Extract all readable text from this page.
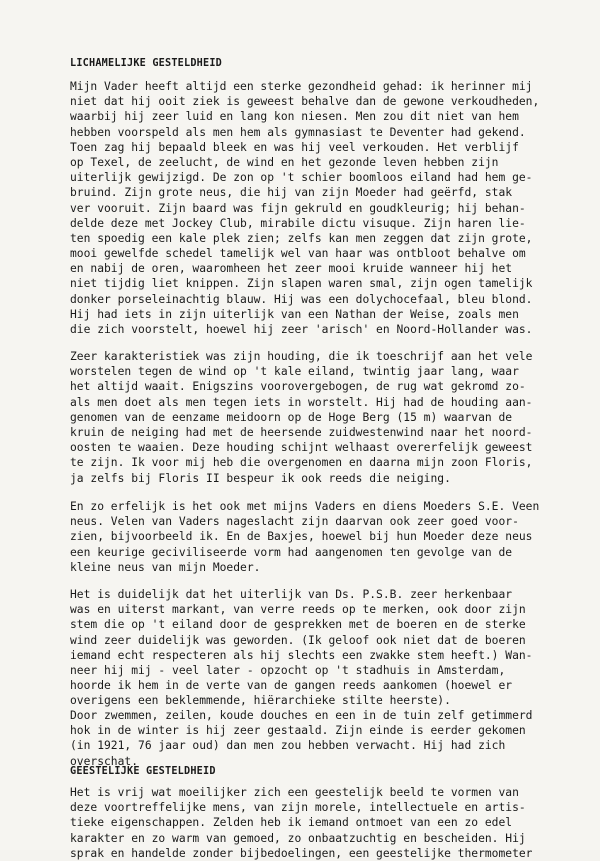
LICHAMELIJKE GESTELDHEID
Mijn Vader heeft altijd een sterke gezondheid gehad: ik herinner mij
niet dat hij ooit ziek is geweest behalve dan de gewone verkoudheden,
waarbij hij zeer luid en lang kon niesen. Men zou dit niet van hem
hebben voorspeld als men hem als gymnasiast te Deventer had gekend.
Toen zag hij bepaald bleek en was hij veel verkouden. Het verblijf
op Texel, de zeelucht, de wind en het gezonde leven hebben zijn
uiterlijk gewijzigd. De zon op 't schier boomloos eiland had hem ge-
bruind. Zijn grote neus, die hij van zijn Moeder had geërfd, stak
ver vooruit. Zijn baard was fijn gekruld en goudkleurig; hij behan-
delde deze met Jockey Club, mirabile dictu visuque. Zijn haren lie-
ten spoedig een kale plek zien; zelfs kan men zeggen dat zijn grote,
mooi gewelfde schedel tamelijk wel van haar was ontbloot behalve om
en nabij de oren, waaromheen het zeer mooi kruide wanneer hij het
niet tijdig liet knippen. Zijn slapen waren smal, zijn ogen tamelijk
donker porseleinachtig blauw. Hij was een dolychocefaal, bleu blond.
Hij had iets in zijn uiterlijk van een Nathan der Weise, zoals men
die zich voorstelt, hoewel hij zeer 'arisch' en Noord-Hollander was.
Zeer karakteristiek was zijn houding, die ik toeschrijf aan het vele
worstelen tegen de wind op 't kale eiland, twintig jaar lang, waar
het altijd waait. Enigszins voorovergebogen, de rug wat gekromd zo-
als men doet als men tegen iets in worstelt. Hij had de houding aan-
genomen van de eenzame meidoorn op de Hoge Berg (15 m) waarvan de
kruin de neiging had met de heersende zuidwestenwind naar het noord-
oosten te waaien. Deze houding schijnt welhaast overerfelijk geweest
te zijn. Ik voor mij heb die overgenomen en daarna mijn zoon Floris,
ja zelfs bij Floris II bespeur ik ook reeds die neiging.
En zo erfelijk is het ook met mijns Vaders en diens Moeders S.E. Veen
neus. Velen van Vaders nageslacht zijn daarvan ook zeer goed voor-
zien, bijvoorbeeld ik. En de Baxjes, hoewel bij hun Moeder deze neus
een keurige geciviliseerde vorm had aangenomen ten gevolge van de
kleine neus van mijn Moeder.
Het is duidelijk dat het uiterlijk van Ds. P.S.B. zeer herkenbaar
was en uiterst markant, van verre reeds op te merken, ook door zijn
stem die op 't eiland door de gesprekken met de boeren en de sterke
wind zeer duidelijk was geworden. (Ik geloof ook niet dat de boeren
iemand echt respecteren als hij slechts een zwakke stem heeft.) Wan-
neer hij mij - veel later - opzocht op 't stadhuis in Amsterdam,
hoorde ik hem in de verte van de gangen reeds aankomen (hoewel er
overigens een beklemmende, hiërarchieke stilte heerste).
Door zwemmen, zeilen, koude douches en een in de tuin zelf getimmerd
hok in de winter is hij zeer gestaald. Zijn einde is eerder gekomen
(in 1921, 76 jaar oud) dan men zou hebben verwacht. Hij had zich
overschat.
GEESTELIJKE GESTELDHEID
Het is vrij wat moeilijker zich een geestelijk beeld te vormen van
deze voortreffelijke mens, van zijn morele, intellectuele en artis-
tieke eigenschappen. Zelden heb ik iemand ontmoet van een zo edel
karakter en zo warm van gemoed, zo onbaatzuchtig en bescheiden. Hij
sprak en handelde zonder bijbedoelingen, een geestelijke thermometer
